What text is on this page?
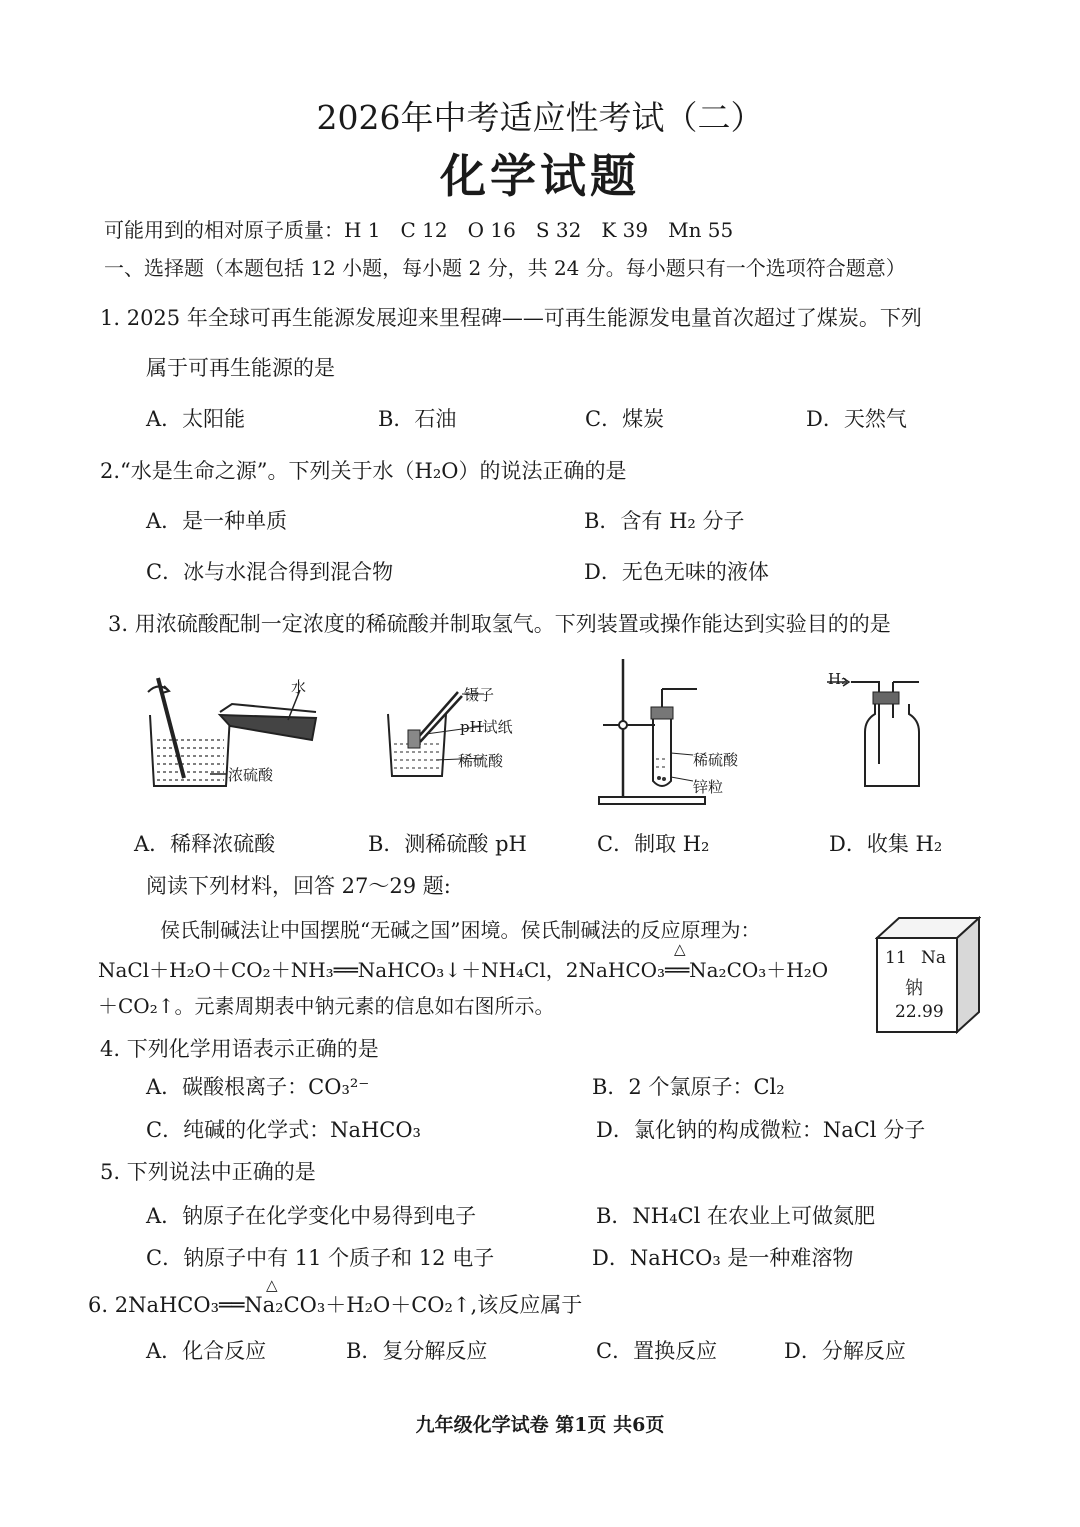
2026年中考适应性考试（二）
化学试题
可能用到的相对原子质量：H 1　C 12　O 16　S 32　K 39　Mn 55
一、选择题（本题包括 12 小题，每小题 2 分，共 24 分。每小题只有一个选项符合题意）
1. 2025 年全球可再生能源发展迎来里程碑——可再生能源发电量首次超过了煤炭。下列
属于可再生能源的是
A．太阳能	B．石油	C．煤炭	D．天然气
2.“水是生命之源”。下列关于水（H₂O）的说法正确的是
A．是一种单质	B．含有 H₂ 分子
C．冰与水混合得到混合物	D．无色无味的液体
3. 用浓硫酸配制一定浓度的稀硫酸并制取氢气。下列装置或操作能达到实验目的的是
水
浓硫酸
镊子
pH试纸
稀硫酸	稀硫酸
锌粒
H₂
A．稀释浓硫酸	B．测稀硫酸 pH	C．制取 H₂	D．收集 H₂
阅读下列材料，回答 27～29 题:
侯氏制碱法让中国摆脱“无碱之国”困境。侯氏制碱法的反应原理为：
△
NaCl＋H₂O＋CO₂＋NH₃══NaHCO₃↓＋NH₄Cl，2NaHCO₃══Na₂CO₃＋H₂O
＋CO₂↑。元素周期表中钠元素的信息如右图所示。
11 Na
钠
22.99
4. 下列化学用语表示正确的是
A．碳酸根离子：CO₃²⁻	B．2 个氯原子：Cl₂
C．纯碱的化学式：NaHCO₃	D．氯化钠的构成微粒：NaCl 分子
5. 下列说法中正确的是
A．钠原子在化学变化中易得到电子	B．NH₄Cl 在农业上可做氮肥
C．钠原子中有 11 个质子和 12 电子	D．NaHCO₃ 是一种难溶物
△
6. 2NaHCO₃══Na₂CO₃＋H₂O＋CO₂↑,该反应属于
A．化合反应	B．复分解反应	C．置换反应	D．分解反应
九年级化学试卷 第1页 共6页
